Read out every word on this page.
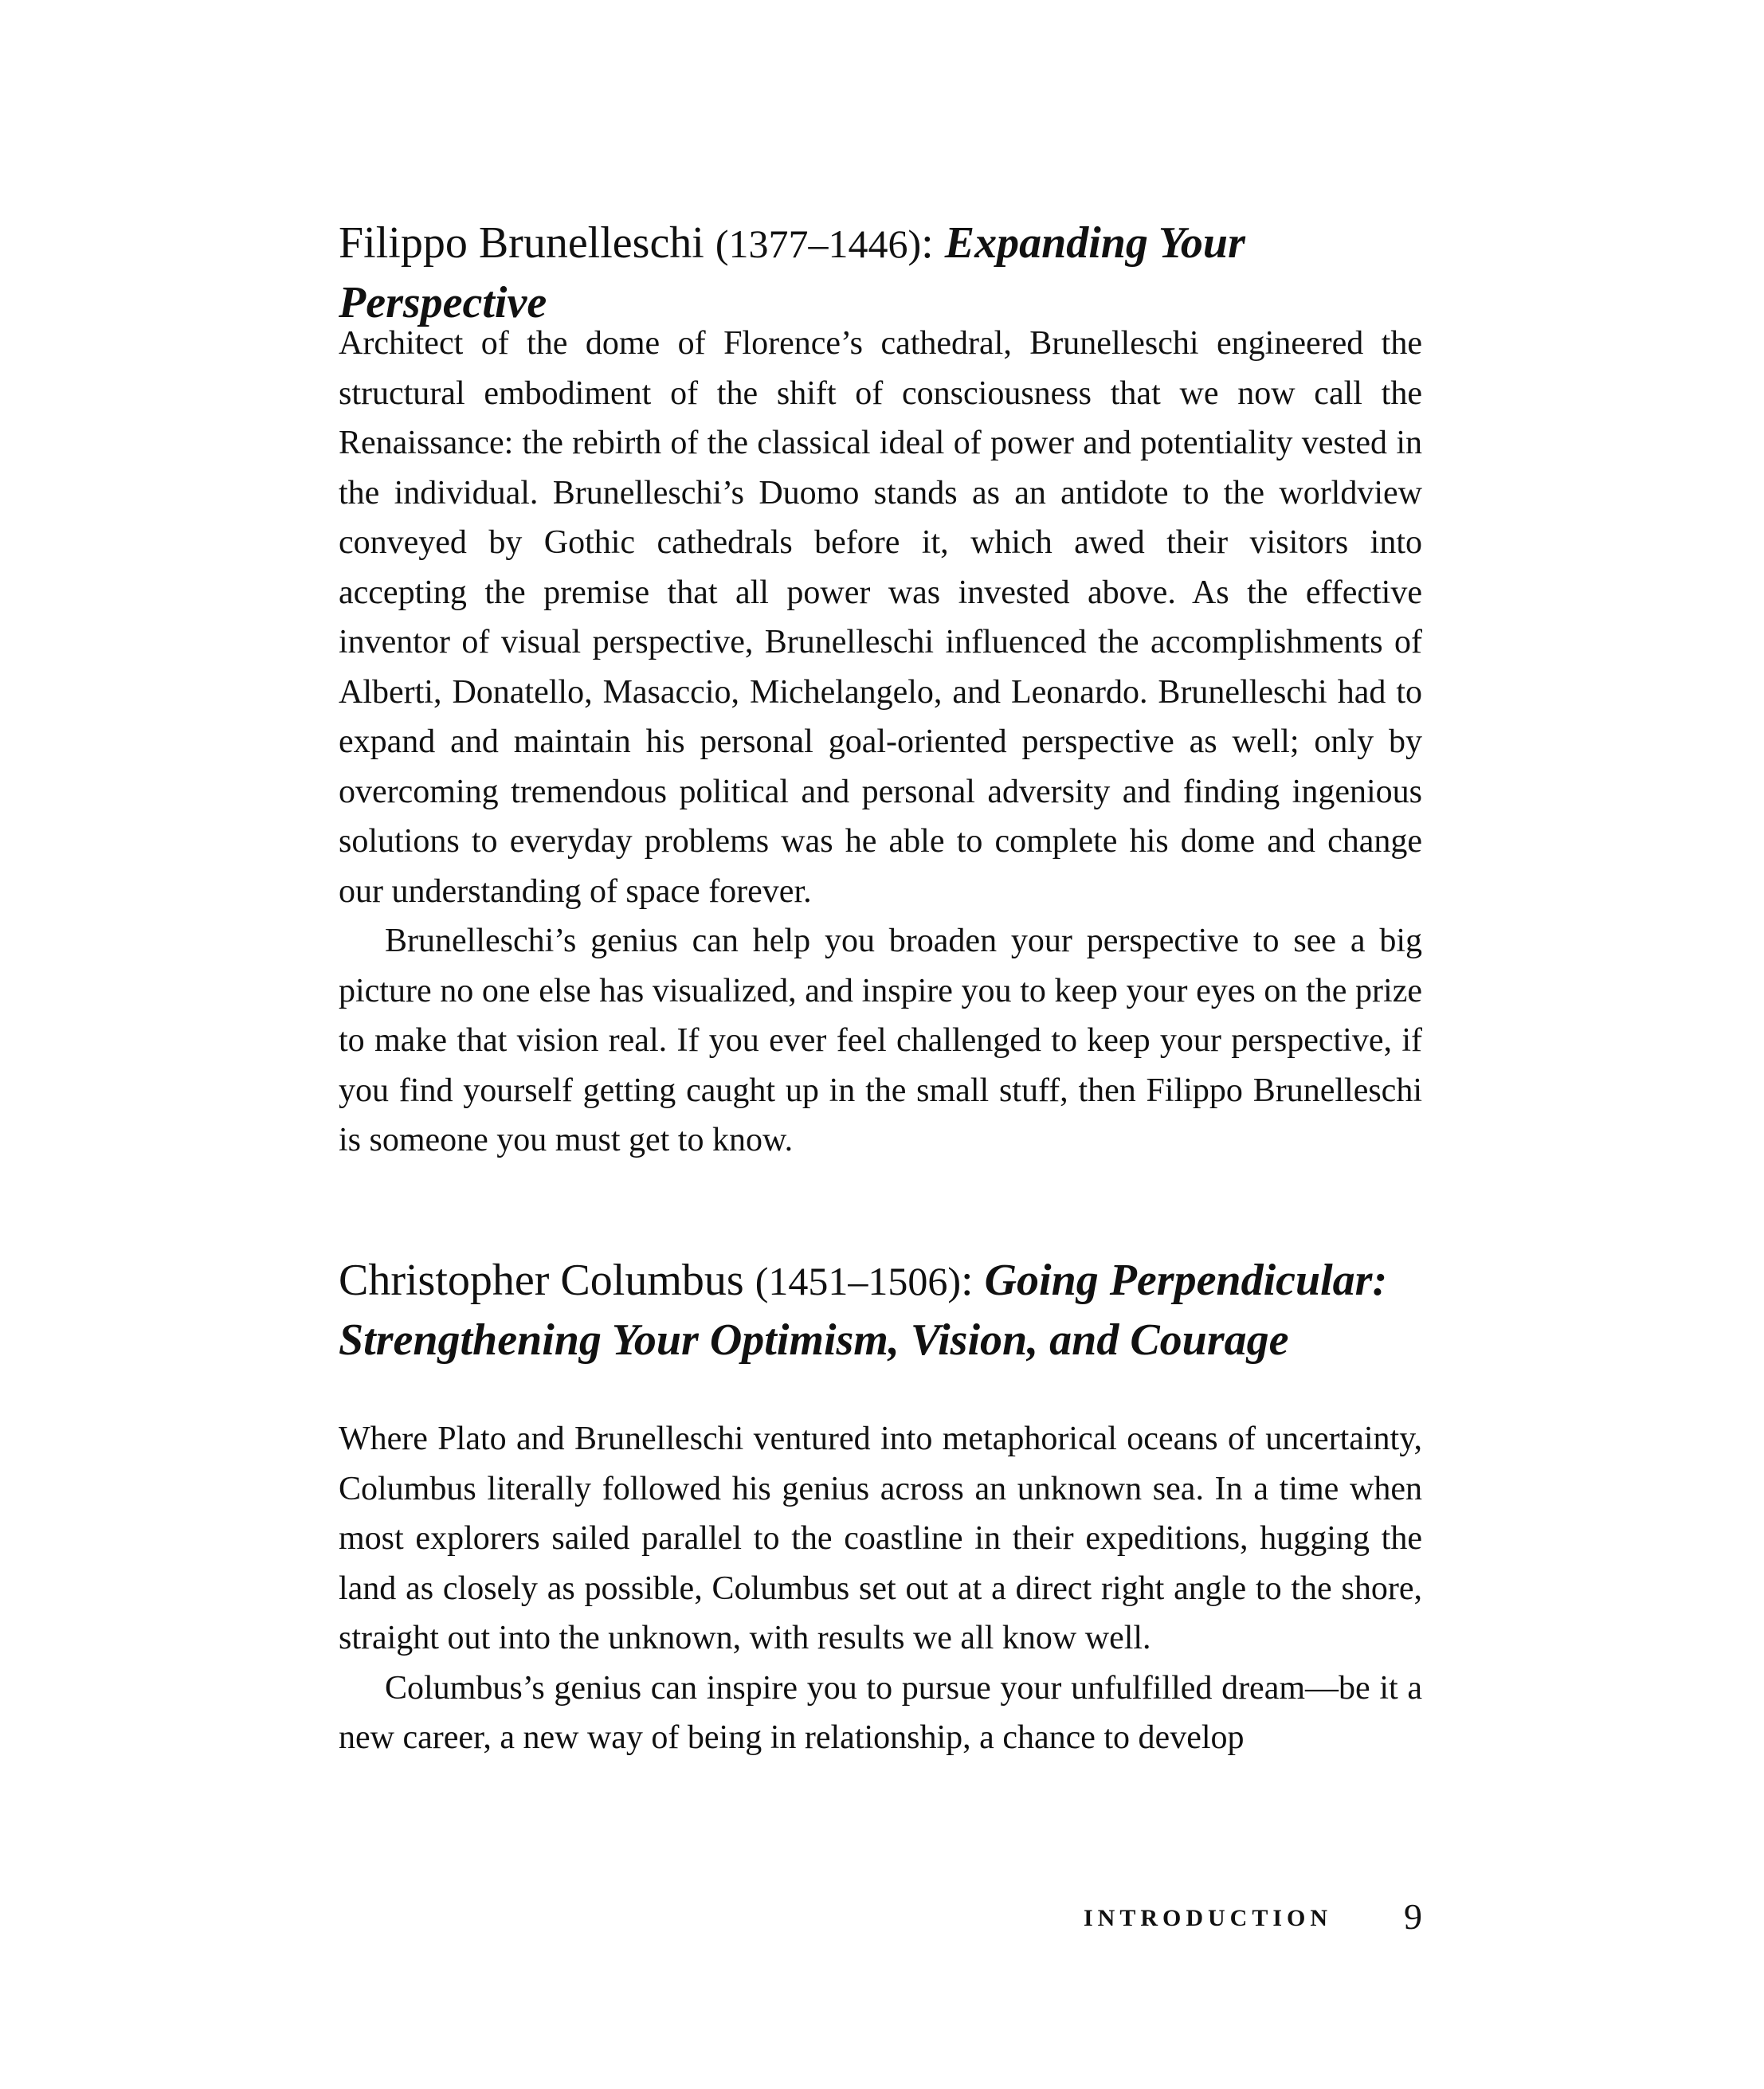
Filippo Brunelleschi (1377–1446): Expanding Your Perspective

Architect of the dome of Florence’s cathedral, Brunelleschi engineered the structural embodiment of the shift of consciousness that we now call the Renaissance: the rebirth of the classical ideal of power and potentiality vested in the individual. Brunelleschi’s Duomo stands as an antidote to the worldview conveyed by Gothic cathedrals before it, which awed their visitors into accepting the premise that all power was invested above. As the effective inventor of visual perspective, Brunelleschi influenced the accomplishments of Alberti, Donatello, Masaccio, Michelangelo, and Leonardo. Brunelleschi had to expand and maintain his personal goal-oriented perspective as well; only by overcoming tremendous political and personal adversity and finding ingenious solutions to everyday problems was he able to complete his dome and change our understanding of space forever.

Brunelleschi’s genius can help you broaden your perspective to see a big picture no one else has visualized, and inspire you to keep your eyes on the prize to make that vision real. If you ever feel challenged to keep your perspective, if you find yourself getting caught up in the small stuff, then Filippo Brunelleschi is someone you must get to know.

Christopher Columbus (1451–1506): Going Perpendicular:
Strengthening Your Optimism, Vision, and Courage

Where Plato and Brunelleschi ventured into metaphorical oceans of uncertainty, Columbus literally followed his genius across an unknown sea. In a time when most explorers sailed parallel to the coastline in their expeditions, hugging the land as closely as possible, Columbus set out at a direct right angle to the shore, straight out into the unknown, with results we all know well.

Columbus’s genius can inspire you to pursue your unfulfilled dream—be it a new career, a new way of being in relationship, a chance to develop

INTRODUCTION 9
